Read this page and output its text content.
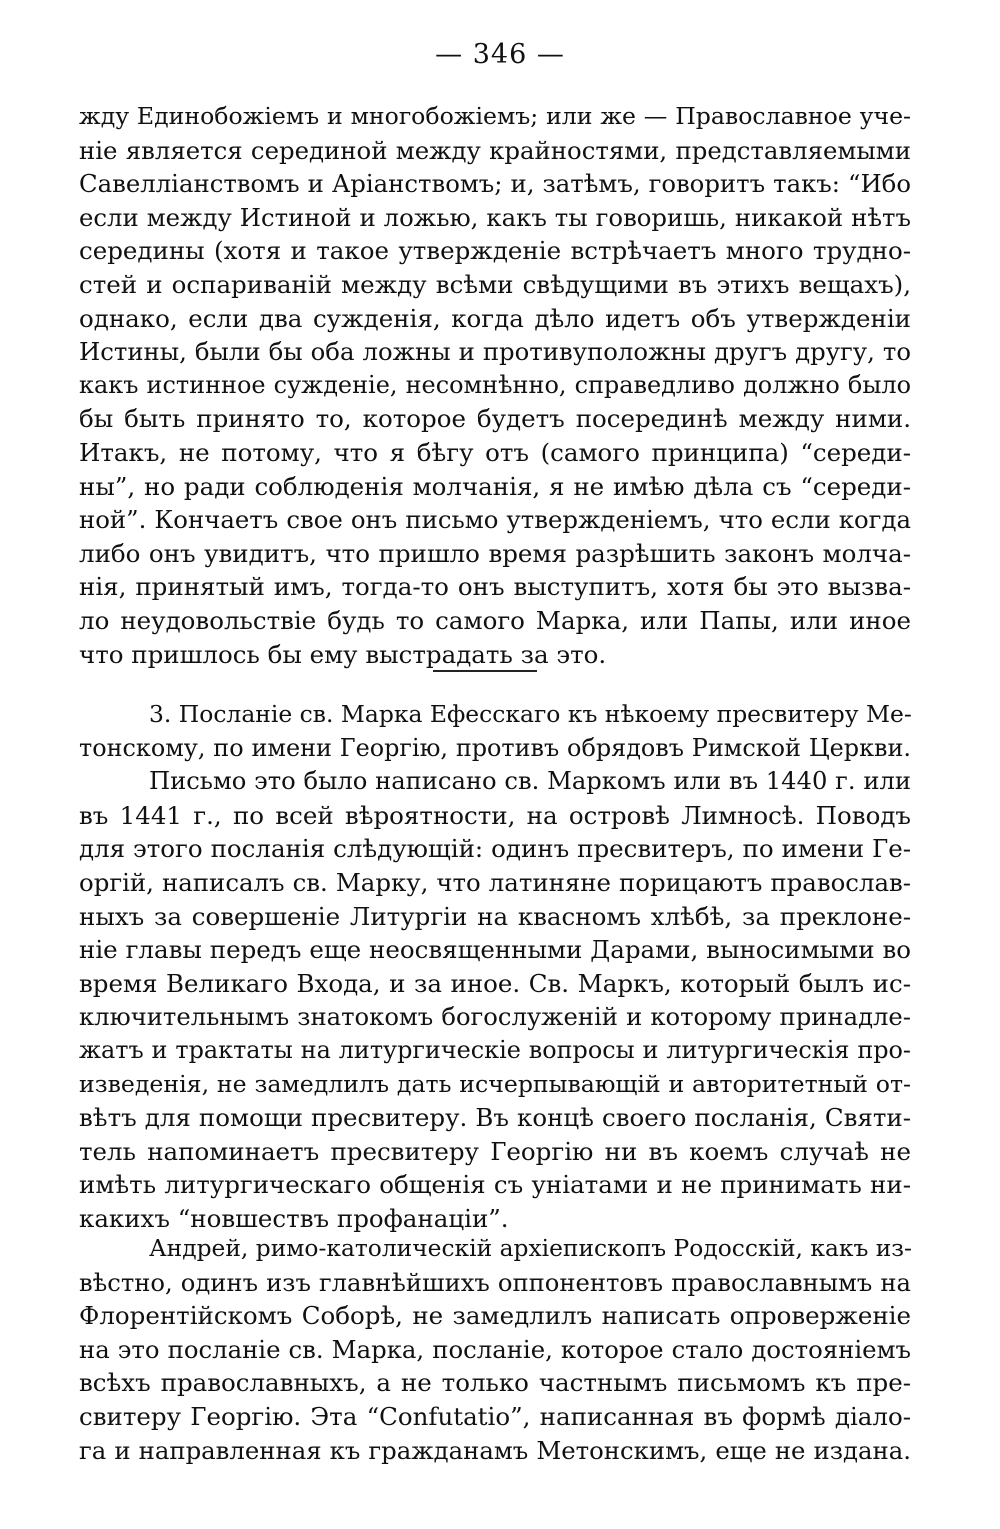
— 346 —
жду Единобожіемъ и многобожіемъ; или же — Православное уче-
ніе является серединой между крайностями, представляемыми
Савелліанствомъ и Аріанствомъ; и, затѣмъ, говоритъ такъ: “Ибо
если между Истиной и ложью, какъ ты говоришь, никакой нѣтъ
середины (хотя и такое утвержденіе встрѣчаетъ много трудно-
стей и оспариваній между всѣми свѣдущими въ этихъ вещахъ),
однако, если два сужденія, когда дѣло идетъ объ утвержденіи
Истины, были бы оба ложны и противуположны другъ другу, то
какъ истинное сужденіе, несомнѣнно, справедливо должно было
бы быть принято то, которое будетъ посерединѣ между ними.
Итакъ, не потому, что я бѣгу отъ (самого принципа) “середи-
ны”, но ради соблюденія молчанія, я не имѣю дѣла съ “середи-
ной”. Кончаетъ свое онъ письмо утвержденіемъ, что если когда
либо онъ увидитъ, что пришло время разрѣшить законъ молча-
нія, принятый имъ, тогда-то онъ выступитъ, хотя бы это вызва-
ло неудовольствіе будь то самого Марка, или Папы, или иное
что пришлось бы ему выстрадать за это.
3. Посланіе св. Марка Ефесскаго къ нѣкоему пресвитеру Ме-
тонскому, по имени Георгію, противъ обрядовъ Римской Церкви.
Письмо это было написано св. Маркомъ или въ 1440 г. или
въ 1441 г., по всей вѣроятности, на островѣ Лимносѣ. Поводъ
для этого посланія слѣдующій: одинъ пресвитеръ, по имени Ге-
оргій, написалъ св. Марку, что латиняне порицаютъ православ-
ныхъ за совершеніе Литургіи на квасномъ хлѣбѣ, за преклоне-
ніе главы передъ еще неосвященными Дарами, выносимыми во
время Великаго Входа, и за иное. Св. Маркъ, который былъ ис-
ключительнымъ знатокомъ богослуженій и которому принадле-
жатъ и трактаты на литургическіе вопросы и литургическія про-
изведенія, не замедлилъ дать исчерпывающій и авторитетный от-
вѣтъ для помощи пресвитеру. Въ концѣ своего посланія, Святи-
тель напоминаетъ пресвитеру Георгію ни въ коемъ случаѣ не
имѣть литургическаго общенія съ уніатами и не принимать ни-
какихъ “новшествъ профанаціи”.
Андрей, римо-католическій архіепископъ Родосскій, какъ из-
вѣстно, одинъ изъ главнѣйшихъ оппонентовъ православнымъ на
Флорентійскомъ Соборѣ, не замедлилъ написать опроверженіе
на это посланіе св. Марка, посланіе, которое стало достояніемъ
всѣхъ православныхъ, а не только частнымъ письмомъ къ пре-
свитеру Георгію. Эта “Confutatio”, написанная въ формѣ діало-
га и направленная къ гражданамъ Метонскимъ, еще не издана.
